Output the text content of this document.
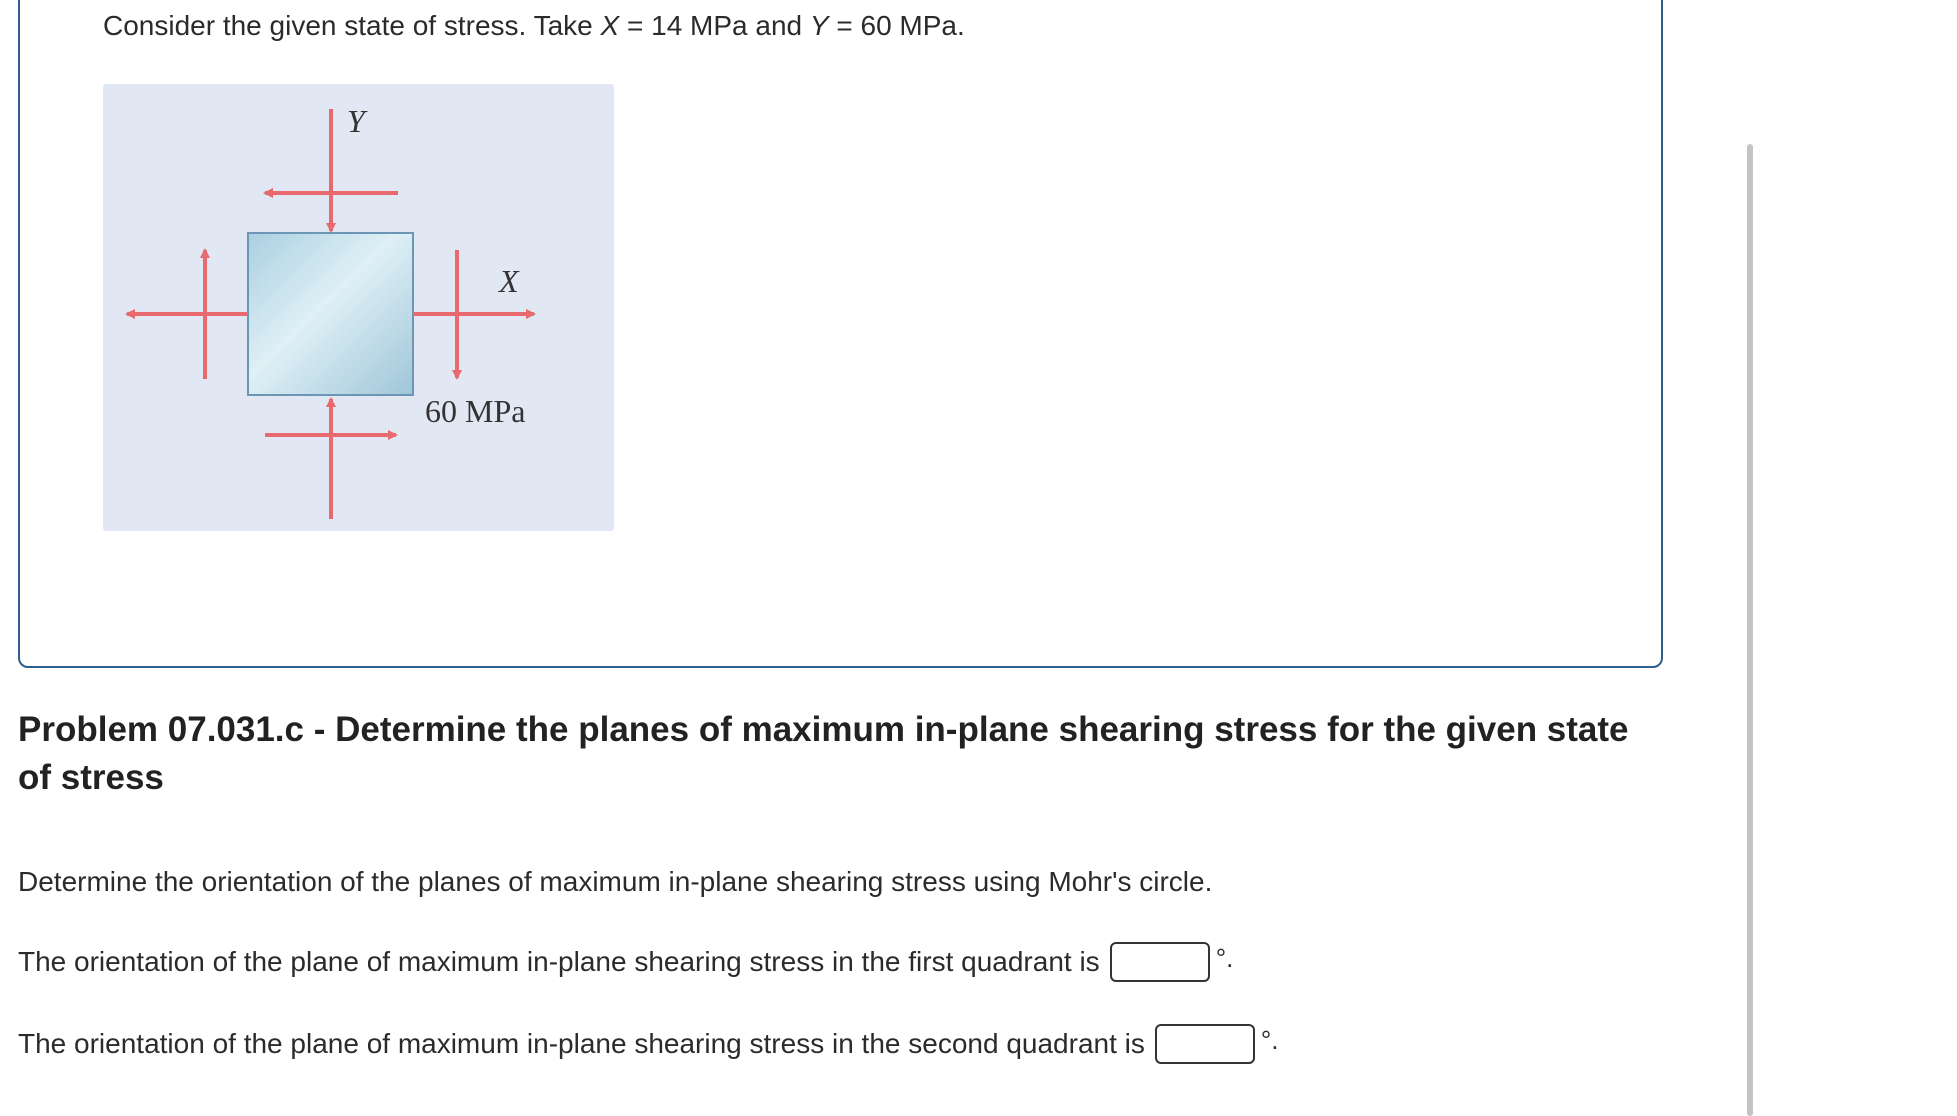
Consider the given state of stress. Take X = 14 MPa and Y = 60 MPa.
Y
X
60 MPa
Problem 07.031.c - Determine the planes of maximum in-plane shearing stress for the given state of stress
Determine the orientation of the planes of maximum in-plane shearing stress using Mohr's circle.
The orientation of the plane of maximum in-plane shearing stress in the first quadrant is	°.
The orientation of the plane of maximum in-plane shearing stress in the second quadrant is	°.
